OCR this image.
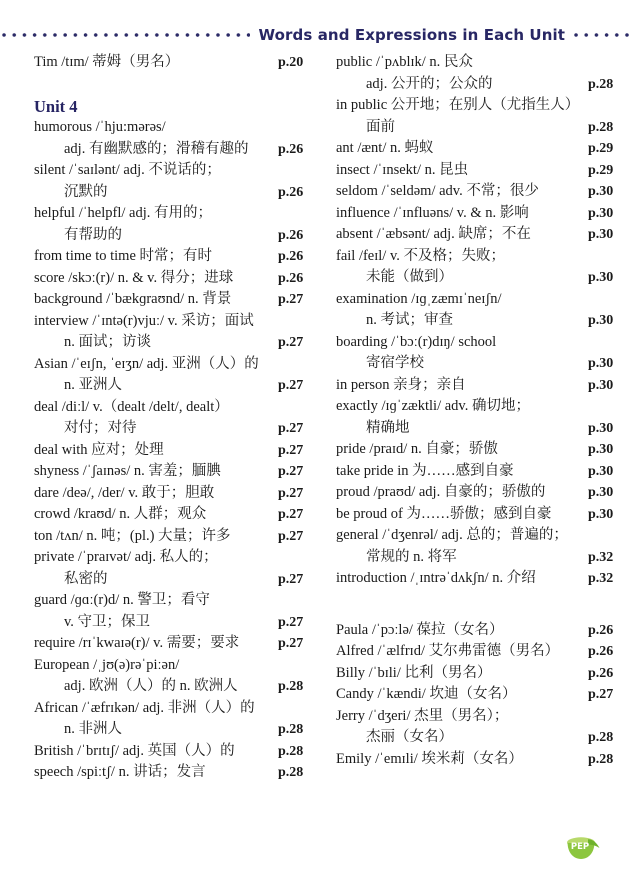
Words and Expressions in Each Unit
Tim /tɪm/ 蒂姆（男名）	p.20
Unit 4
humorous /ˈhju:mərəs/
adj. 有幽默感的；滑稽有趣的	p.26
silent /ˈsaɪlənt/ adj. 不说话的；
沉默的	p.26
helpful /ˈhelpfl/ adj. 有用的；
有帮助的	p.26
from time to time 时常；有时	p.26
score /skɔː(r)/ n. & v. 得分；进球	p.26
background /ˈbækɡraʊnd/ n. 背景	p.27
interview /ˈɪntə(r)vjuː/ v. 采访；面试
n. 面试；访谈	p.27
Asian /ˈeɪʃn, ˈeɪʒn/ adj. 亚洲（人）的
n. 亚洲人	p.27
deal /diːl/ v.（dealt /delt/, dealt）
对付；对待	p.27
deal with 应对；处理	p.27
shyness /ˈʃaɪnəs/ n. 害羞；腼腆	p.27
dare /deə/, /der/ v. 敢于；胆敢	p.27
crowd /kraʊd/ n. 人群；观众	p.27
ton /tʌn/ n. 吨；(pl.) 大量；许多	p.27
private /ˈpraɪvət/ adj. 私人的；
私密的	p.27
guard /ɡɑː(r)d/ n. 警卫；看守
v. 守卫；保卫	p.27
require /rɪˈkwaɪə(r)/ v. 需要；要求	p.27
European /ˌjʊ(ə)rəˈpiːən/
adj. 欧洲（人）的 n. 欧洲人	p.28
African /ˈæfrɪkən/ adj. 非洲（人）的
n. 非洲人	p.28
British /ˈbrɪtɪʃ/ adj. 英国（人）的	p.28
speech /spiːtʃ/ n. 讲话；发言	p.28
public /ˈpʌblɪk/ n. 民众
adj. 公开的；公众的	p.28
in public 公开地；在别人（尤指生人）
面前	p.28
ant /ænt/ n. 蚂蚁	p.29
insect /ˈɪnsekt/ n. 昆虫	p.29
seldom /ˈseldəm/ adv. 不常；很少	p.30
influence /ˈɪnfluəns/ v. & n. 影响	p.30
absent /ˈæbsənt/ adj. 缺席；不在	p.30
fail /feɪl/ v. 不及格；失败；
未能（做到）	p.30
examination /ɪɡˌzæmɪˈneɪʃn/
n. 考试；审查	p.30
boarding /ˈbɔː(r)dɪŋ/ school
寄宿学校	p.30
in person 亲身；亲自	p.30
exactly /ɪɡˈzæktli/ adv. 确切地；
精确地	p.30
pride /praɪd/ n. 自豪；骄傲	p.30
take pride in 为……感到自豪	p.30
proud /praʊd/ adj. 自豪的；骄傲的	p.30
be proud of 为……骄傲；感到自豪	p.30
general /ˈdʒenrəl/ adj. 总的；普遍的；
常规的 n. 将军	p.32
introduction /ˌɪntrəˈdʌkʃn/ n. 介绍	p.32
Paula /ˈpɔːlə/ 葆拉（女名）	p.26
Alfred /ˈælfrɪd/ 艾尔弗雷德（男名）	p.26
Billy /ˈbɪli/ 比利（男名）	p.26
Candy /ˈkændi/ 坎迪（女名）	p.27
Jerry /ˈdʒeri/ 杰里（男名）；
杰丽（女名）	p.28
Emily /ˈemɪli/ 埃米莉（女名）	p.28
PEP
